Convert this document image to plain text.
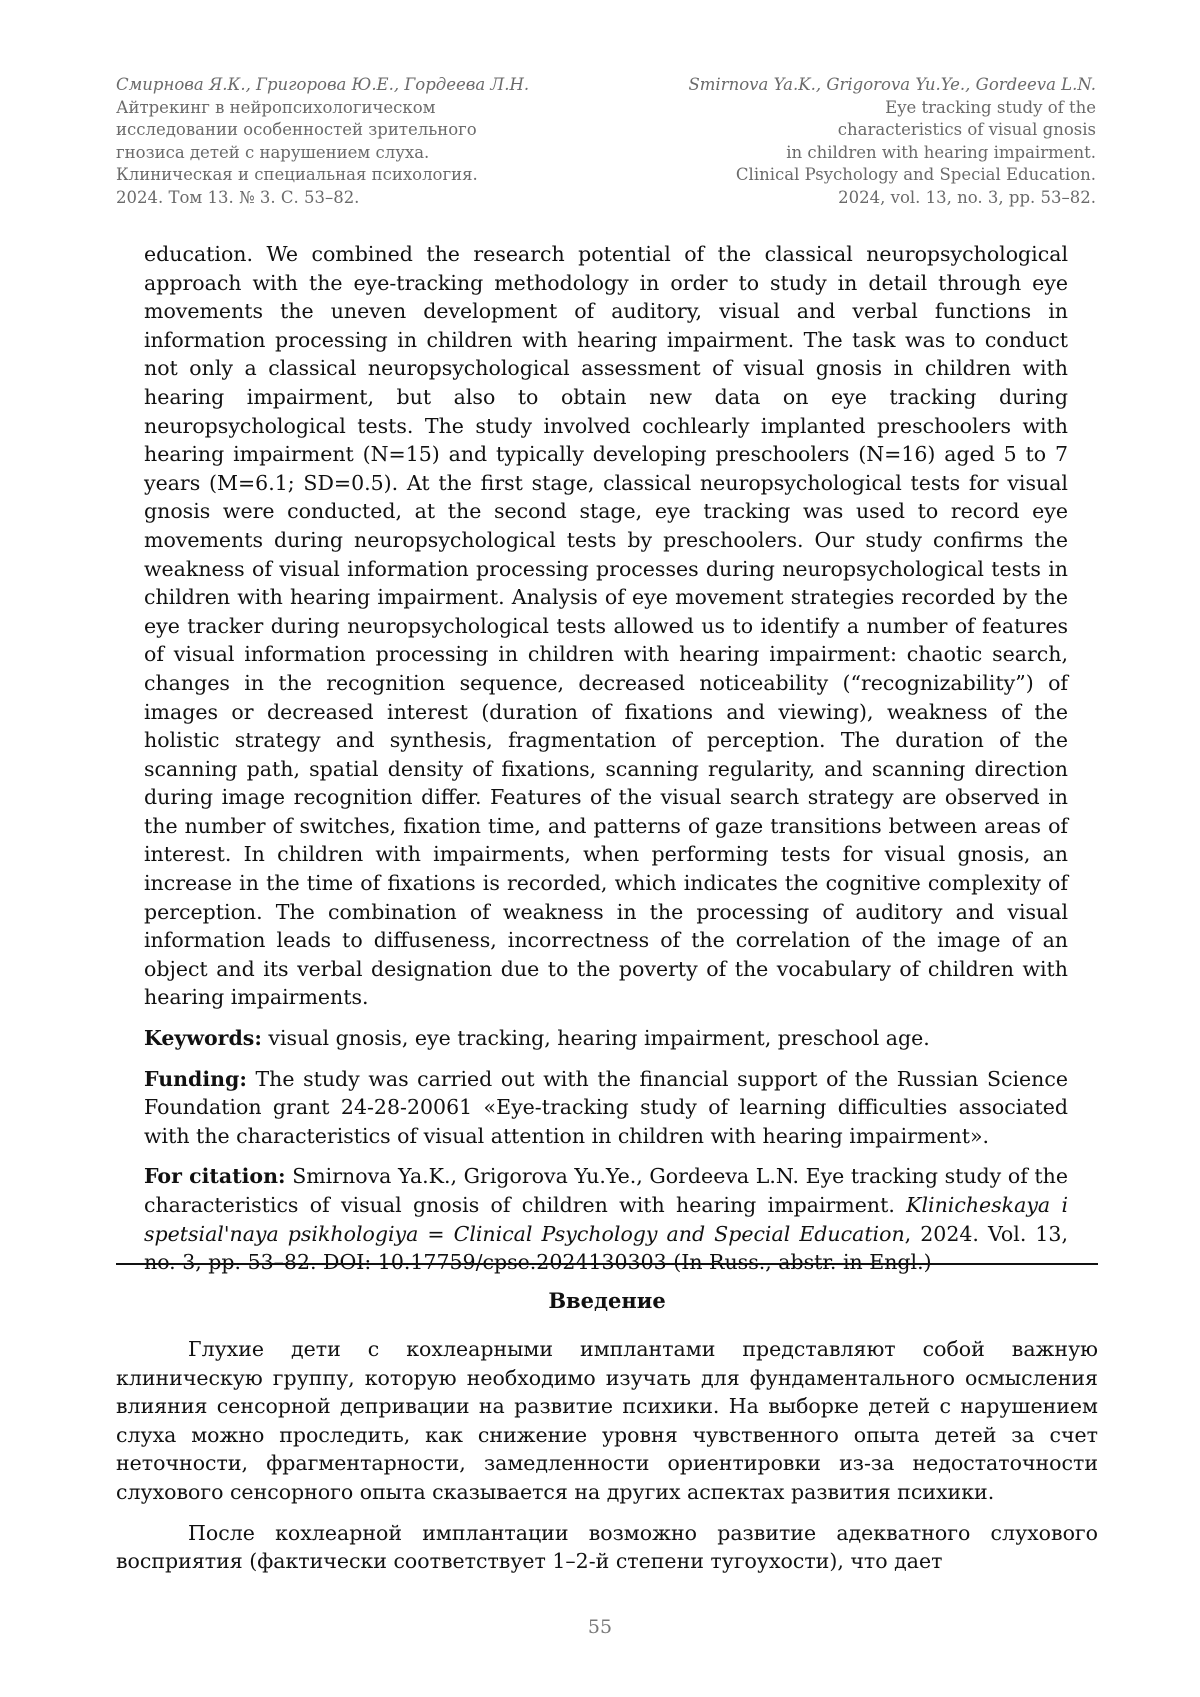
Смирнова Я.К., Григорова Ю.Е., Гордеева Л.Н.
Айтрекинг в нейропсихологическом
исследовании особенностей зрительного
гнозиса детей с нарушением слуха.
Клиническая и специальная психология.
2024. Том 13. № 3. С. 53–82.
Smirnova Ya.K., Grigorova Yu.Ye., Gordeeva L.N.
Eye tracking study of the
characteristics of visual gnosis
in children with hearing impairment.
Clinical Psychology and Special Education.
2024, vol. 13, no. 3, pp. 53–82.

education. We combined the research potential of the classical neuropsychological approach with the eye-tracking methodology in order to study in detail through eye movements the uneven development of auditory, visual and verbal functions in information processing in children with hearing impairment. The task was to conduct not only a classical neuropsychological assessment of visual gnosis in children with hearing impairment, but also to obtain new data on eye tracking during neuropsychological tests. The study involved cochlearly implanted preschoolers with hearing impairment (N=15) and typically developing preschoolers (N=16) aged 5 to 7 years (M=6.1; SD=0.5). At the first stage, classical neuropsychological tests for visual gnosis were conducted, at the second stage, eye tracking was used to record eye movements during neuropsychological tests by preschoolers. Our study confirms the weakness of visual information processing processes during neuropsychological tests in children with hearing impairment. Analysis of eye movement strategies recorded by the eye tracker during neuropsychological tests allowed us to identify a number of features of visual information processing in children with hearing impairment: chaotic search, changes in the recognition sequence, decreased noticeability (“recognizability”) of images or decreased interest (duration of fixations and viewing), weakness of the holistic strategy and synthesis, fragmentation of perception. The duration of the scanning path, spatial density of fixations, scanning regularity, and scanning direction during image recognition differ. Features of the visual search strategy are observed in the number of switches, fixation time, and patterns of gaze transitions between areas of interest. In children with impairments, when performing tests for visual gnosis, an increase in the time of fixations is recorded, which indicates the cognitive complexity of perception. The combination of weakness in the processing of auditory and visual information leads to diffuseness, incorrectness of the correlation of the image of an object and its verbal designation due to the poverty of the vocabulary of children with hearing impairments.

Keywords: visual gnosis, eye tracking, hearing impairment, preschool age.

Funding: The study was carried out with the financial support of the Russian Science Foundation grant 24-28-20061 «Eye-tracking study of learning difficulties associated with the characteristics of visual attention in children with hearing impairment».

For citation: Smirnova Ya.K., Grigorova Yu.Ye., Gordeeva L.N. Eye tracking study of the characteristics of visual gnosis of children with hearing impairment. Klinicheskaya i spetsial'naya psikhologiya = Clinical Psychology and Special Education, 2024. Vol. 13, no. 3, pp. 53–82. DOI: 10.17759/cpse.2024130303 (In Russ., abstr. in Engl.)

Введение

Глухие дети с кохлеарными имплантами представляют собой важную клиническую группу, которую необходимо изучать для фундаментального осмысления влияния сенсорной депривации на развитие психики. На выборке детей с нарушением слуха можно проследить, как снижение уровня чувственного опыта детей за счет неточности, фрагментарности, замедленности ориентировки из-за недостаточности слухового сенсорного опыта сказывается на других аспектах развития психики.

После кохлеарной имплантации возможно развитие адекватного слухового восприятия (фактически соответствует 1–2-й степени тугоухости), что дает

55
